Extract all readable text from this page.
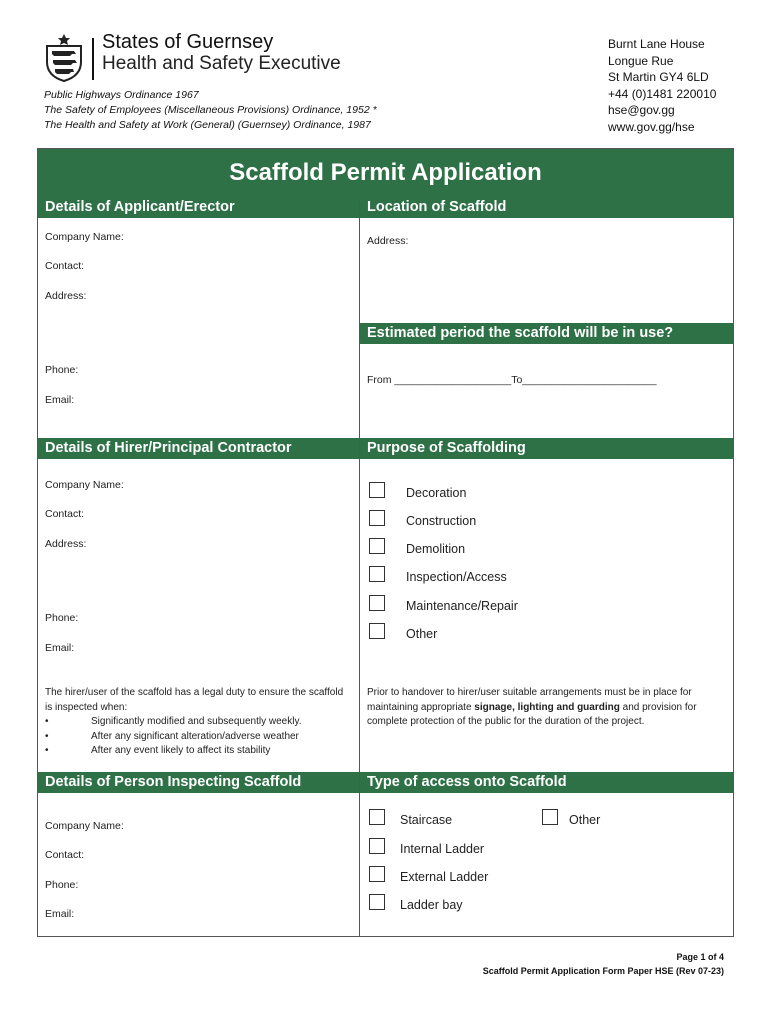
States of Guernsey
Health and Safety Executive
Public Highways Ordinance 1967
The Safety of Employees (Miscellaneous Provisions) Ordinance, 1952 *
The Health and Safety at Work (General) (Guernsey) Ordinance, 1987
Burnt Lane House
Longue Rue
St Martin GY4 6LD
+44 (0)1481 220010
hse@gov.gg
www.gov.gg/hse
Scaffold Permit Application
Details of Applicant/Erector
Company Name:
Contact:
Address:
Phone:
Email:
Location of Scaffold
Address:
Estimated period the scaffold will be in use?
From ____________________To_______________________
Details of Hirer/Principal Contractor
Company Name:
Contact:
Address:
Phone:
Email:
The hirer/user of the scaffold has a legal duty to ensure the scaffold is inspected when:
•	Significantly modified and subsequently weekly.
•	After any significant alteration/adverse weather
•	After any event likely to affect its stability
Purpose of Scaffolding
Decoration
Construction
Demolition
Inspection/Access
Maintenance/Repair
Other
Prior to handover to hirer/user suitable arrangements must be in place for maintaining appropriate signage, lighting and guarding and provision for complete protection of the public for the duration of the project.
Details of Person Inspecting Scaffold
Company Name:
Contact:
Phone:
Email:
Type of access onto Scaffold
Staircase	Other
Internal Ladder
External Ladder
Ladder bay
Page 1 of 4
Scaffold Permit Application Form Paper HSE (Rev 07-23)
